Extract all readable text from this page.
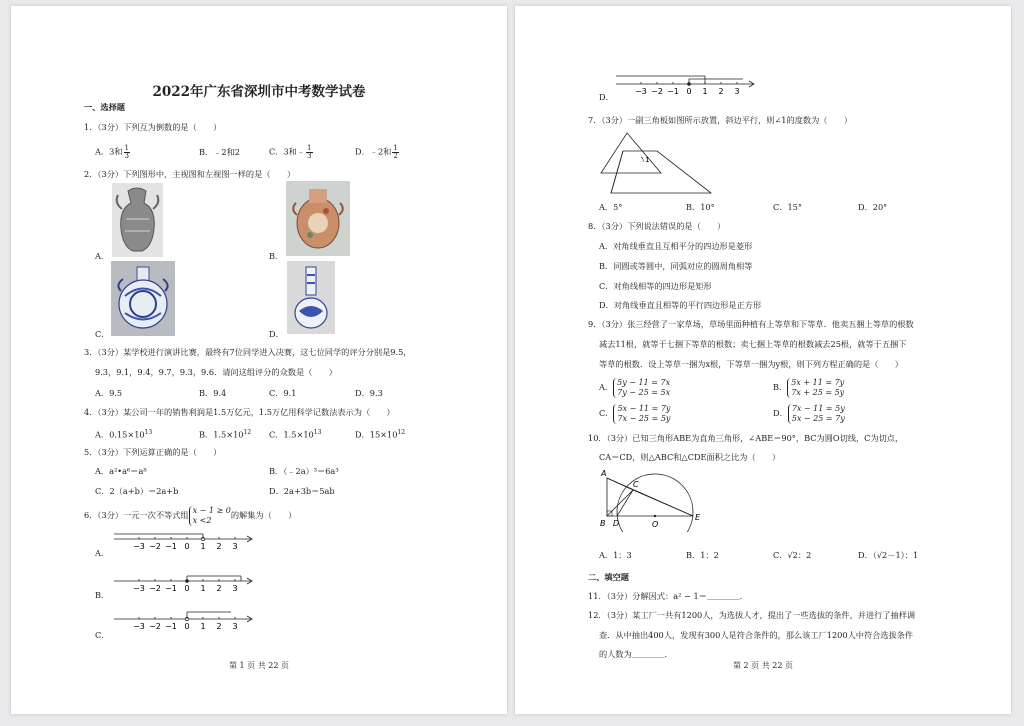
2022年广东省深圳市中考数学试卷
一、选择题
1．（3分）下列互为倒数的是（　　）
A．3和 $\frac{1}{3}$	B．﹣2和2	C．3和﹣ $\frac{1}{3}$	D．﹣2和 $\frac{1}{2}$
2．（3分）下列图形中，主视图和左视图一样的是（　　）
A．	B．
C．	D．
3．（3分）某学校进行演讲比赛，最终有7位同学进入决赛，这七位同学的评分分别是9.5，
9.3，9.1，9.4，9.7，9.3，9.6．请问这组评分的众数是（　　）
A．9.5	B．9.4	C．9.1	D．9.3
4．（3分）某公司一年的销售利润是1.5万亿元，1.5万亿用科学记数法表示为（　　）
A．$0.15\times 10^{13}$	B．$1.5\times 10^{12}$ C．$1.5\times 10^{13}$	D．$15\times 10^{12}$
5．（3分）下列运算正确的是（　　）
A．a²•a⁶＝a⁸	B．（﹣2a）³＝6a³
C．2（a+b）＝2a+b	D．2a+3b＝5ab
6．（3分）一元一次不等式组 x − 1 ≥ 0
x <2
的解集为（　　）
A．
−3 −2 −1 0 1 2 3
B．
−3 −2 −1 0 1 2 3
C．
−3 −2 −1 0 1 2 3
第 1 页 共 22 页
D．
−3 −2 −1 0 1 2 3
7．（3分）一副三角板如图所示放置，斜边平行，则∠1的度数为（　　）
1
A．5°	B．10°	C．15°	D．20°
8．（3分）下列说法错误的是（　　）
A．对角线垂直且互相平分的四边形是菱形
B．同圆或等圆中，同弧对应的圆周角相等
C．对角线相等的四边形是矩形
D．对角线垂直且相等的平行四边形是正方形
9．（3分）张三经营了一家草场，草场里面种植有上等草和下等草．他卖五捆上等草的根数
减去11根，就等于七捆下等草的根数；卖七捆上等草的根数减去25根，就等于五捆下
等草的根数．设上等草一捆为x根，下等草一捆为y根，则下列方程正确的是（　　）
A． 5y − 11 = 7x
7y − 25 = 5x
B． 5x + 11 = 7y
7x + 25 = 5y
C． 5x − 11 = 7y
7x − 25 = 5y
D． 7x − 11 = 5y
5x − 25 = 7y
10．（3分）已知三角形ABE为直角三角形，∠ABE＝90°，BC为圆O切线，C为切点，
CA＝CD，则△ABC和△CDE面积之比为（　　）
A
C
B D	O
E
A．1：3	B．1：2	C．√2：2	D．（√2－1）：1
二、填空题
11．（3分）分解因式：a² − 1＝＿＿＿＿．
12．（3分）某工厂一共有1200人，为选拔人才，提出了一些选拔的条件，并进行了抽样调
查．从中抽出400人，发现有300人是符合条件的，那么该工厂1200人中符合选拔条件
的人数为＿＿＿＿．
第 2 页 共 22 页
